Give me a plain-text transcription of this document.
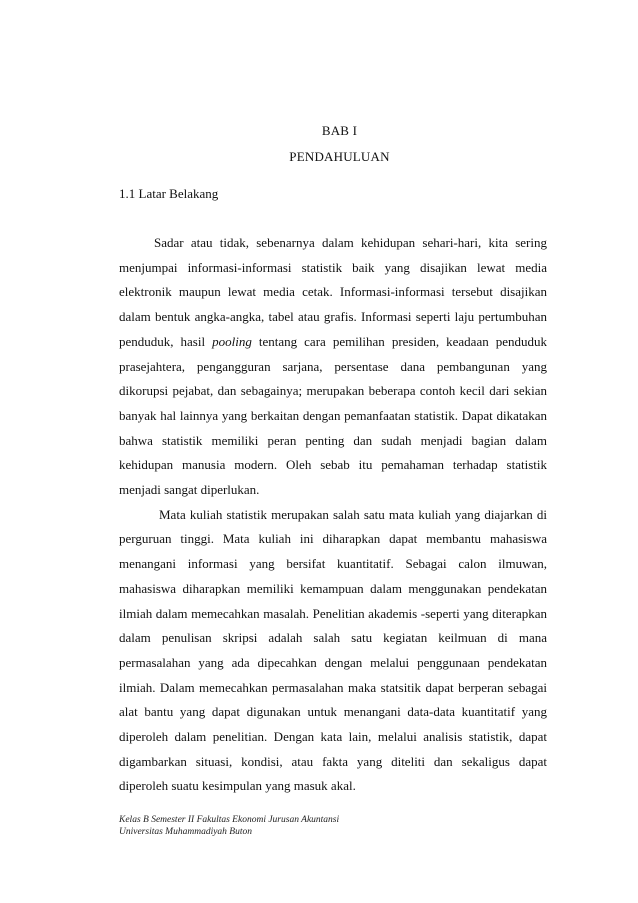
BAB I
PENDAHULUAN
1.1 Latar Belakang

Sadar atau tidak, sebenarnya dalam kehidupan sehari-hari, kita sering menjumpai informasi-informasi statistik baik yang disajikan lewat media elektronik maupun lewat media cetak. Informasi-informasi tersebut disajikan dalam bentuk angka-angka, tabel atau grafis. Informasi seperti laju pertumbuhan penduduk, hasil pooling tentang cara pemilihan presiden, keadaan penduduk prasejahtera, pengangguran sarjana, persentase dana pembangunan yang dikorupsi pejabat, dan sebagainya; merupakan beberapa contoh kecil dari sekian banyak hal lainnya yang berkaitan dengan pemanfaatan statistik. Dapat dikatakan bahwa statistik memiliki peran penting dan sudah menjadi bagian dalam kehidupan manusia modern. Oleh sebab itu pemahaman terhadap statistik menjadi sangat diperlukan.

Mata kuliah statistik merupakan salah satu mata kuliah yang diajarkan di perguruan tinggi. Mata kuliah ini diharapkan dapat membantu mahasiswa menangani informasi yang bersifat kuantitatif. Sebagai calon ilmuwan, mahasiswa diharapkan memiliki kemampuan dalam menggunakan pendekatan ilmiah dalam memecahkan masalah. Penelitian akademis -seperti yang diterapkan dalam penulisan skripsi adalah salah satu kegiatan keilmuan di mana permasalahan yang ada dipecahkan dengan melalui penggunaan pendekatan ilmiah. Dalam memecahkan permasalahan maka statsitik dapat berperan sebagai alat bantu yang dapat digunakan untuk menangani data-data kuantitatif yang diperoleh dalam penelitian. Dengan kata lain, melalui analisis statistik, dapat digambarkan situasi, kondisi, atau fakta yang diteliti dan sekaligus dapat diperoleh suatu kesimpulan yang masuk akal.

Kelas B Semester II Fakultas Ekonomi Jurusan Akuntansi
Universitas Muhammadiyah Buton
